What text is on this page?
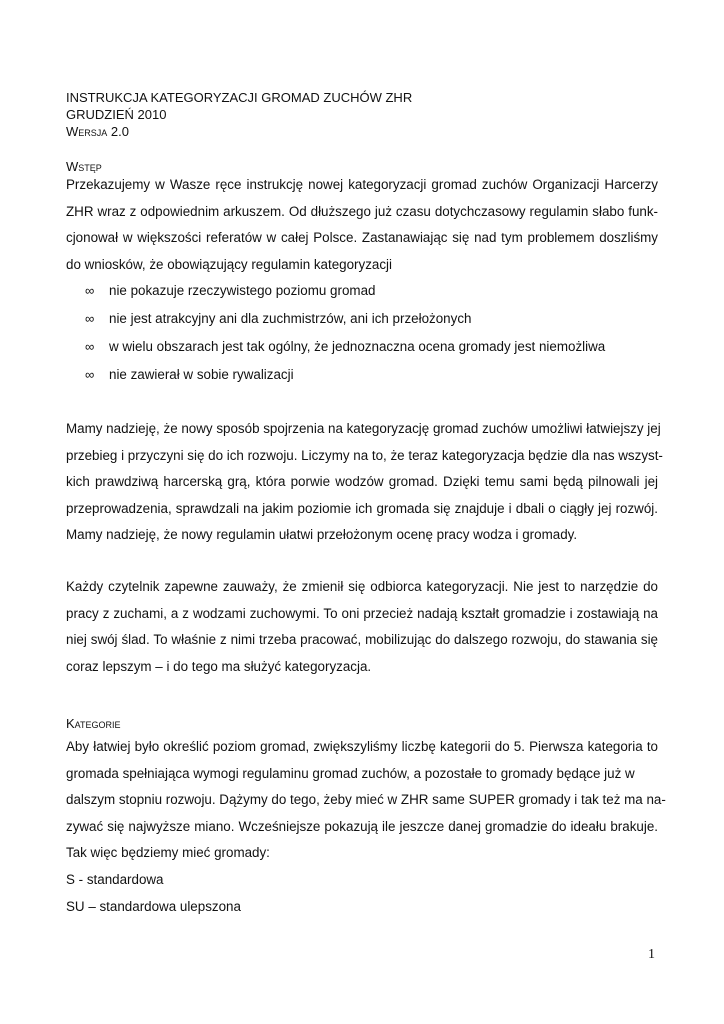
INSTRUKCJA KATEGORYZACJI GROMAD ZUCHÓW ZHR
GRUDZIEŃ 2010
Wersja 2.0
Wstęp
Przekazujemy w Wasze ręce instrukcję nowej kategoryzacji gromad zuchów Organizacji Harcerzy
ZHR wraz z odpowiednim arkuszem. Od dłuższego już czasu dotychczasowy regulamin słabo funk-
cjonował w większości referatów w całej Polsce. Zastanawiając się nad tym problemem doszliśmy
do wniosków, że obowiązujący regulamin kategoryzacji
∞ nie pokazuje rzeczywistego poziomu gromad
∞ nie jest atrakcyjny ani dla zuchmistrzów, ani ich przełożonych
∞ w wielu obszarach jest tak ogólny, że jednoznaczna ocena gromady jest niemożliwa
∞ nie zawierał w sobie rywalizacji
Mamy nadzieję, że nowy sposób spojrzenia na kategoryzację gromad zuchów umożliwi łatwiejszy jej
przebieg i przyczyni się do ich rozwoju. Liczymy na to, że teraz kategoryzacja będzie dla nas wszyst-
kich prawdziwą harcerską grą, która porwie wodzów gromad. Dzięki temu sami będą pilnowali jej
przeprowadzenia, sprawdzali na jakim poziomie ich gromada się znajduje i dbali o ciągły jej rozwój.
Mamy nadzieję, że nowy regulamin ułatwi przełożonym ocenę pracy wodza i gromady.
Każdy czytelnik zapewne zauważy, że zmienił się odbiorca kategoryzacji. Nie jest to narzędzie do
pracy z zuchami, a z wodzami zuchowymi. To oni przecież nadają kształt gromadzie i zostawiają na
niej swój ślad. To właśnie z nimi trzeba pracować, mobilizując do dalszego rozwoju, do stawania się
coraz lepszym – i do tego ma służyć kategoryzacja.
Kategorie
Aby łatwiej było określić poziom gromad, zwiększyliśmy liczbę kategorii do 5. Pierwsza kategoria to
gromada spełniająca wymogi regulaminu gromad zuchów, a pozostałe to gromady będące już w
dalszym stopniu rozwoju. Dążymy do tego, żeby mieć w ZHR same SUPER gromady i tak też ma na-
zywać się najwyższe miano. Wcześniejsze pokazują ile jeszcze danej gromadzie do ideału brakuje.
Tak więc będziemy mieć gromady:
S - standardowa
SU – standardowa ulepszona
1
